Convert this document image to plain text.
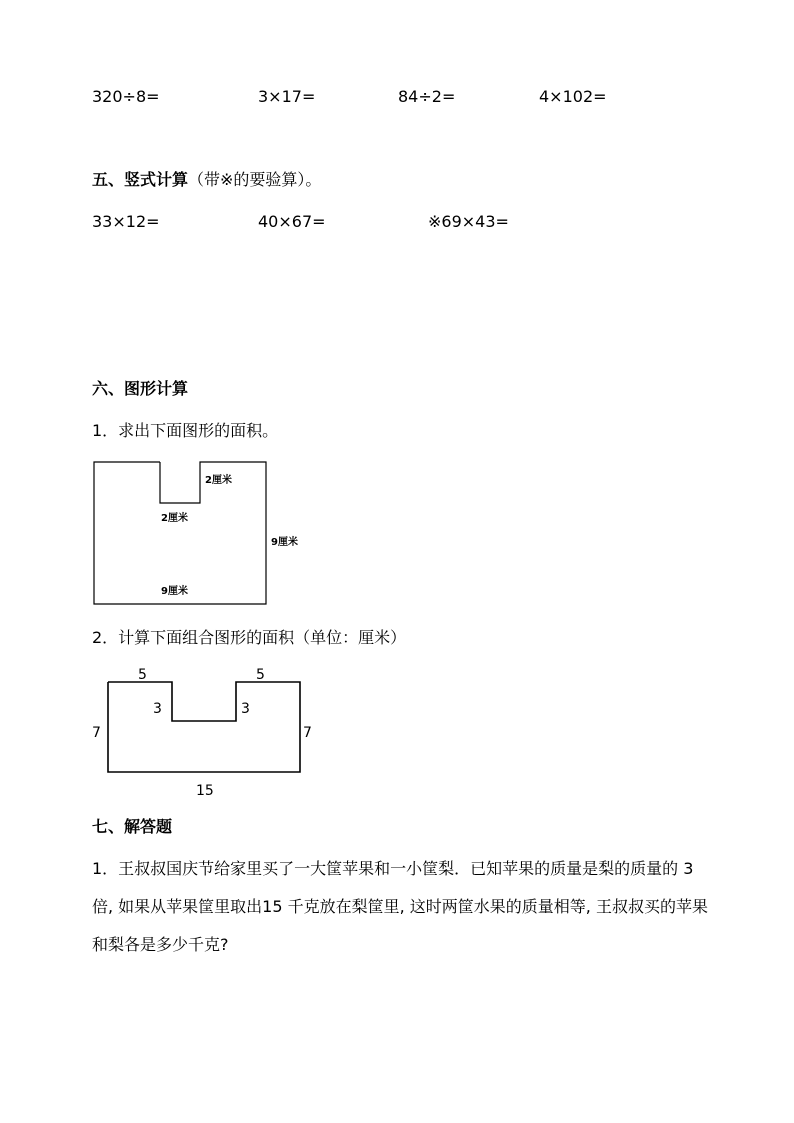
320÷8=	3×17=	84÷2=	4×102=
五、竖式计算（带※的要验算）。
33×12=	40×67=	※69×43=
六、图形计算
1．求出下面图形的面积。
2厘米
2厘米
9厘米
9厘米
5	5
3	3
7	7
15
2．计算下面组合图形的面积（单位：厘米）
七、解答题
1．王叔叔国庆节给家里买了一大筐苹果和一小筐梨．已知苹果的质量是梨的质量的 3 倍, 如果从苹果筐里取出15 千克放在梨筐里, 这时两筐水果的质量相等, 王叔叔买的苹果和梨各是多少千克?
